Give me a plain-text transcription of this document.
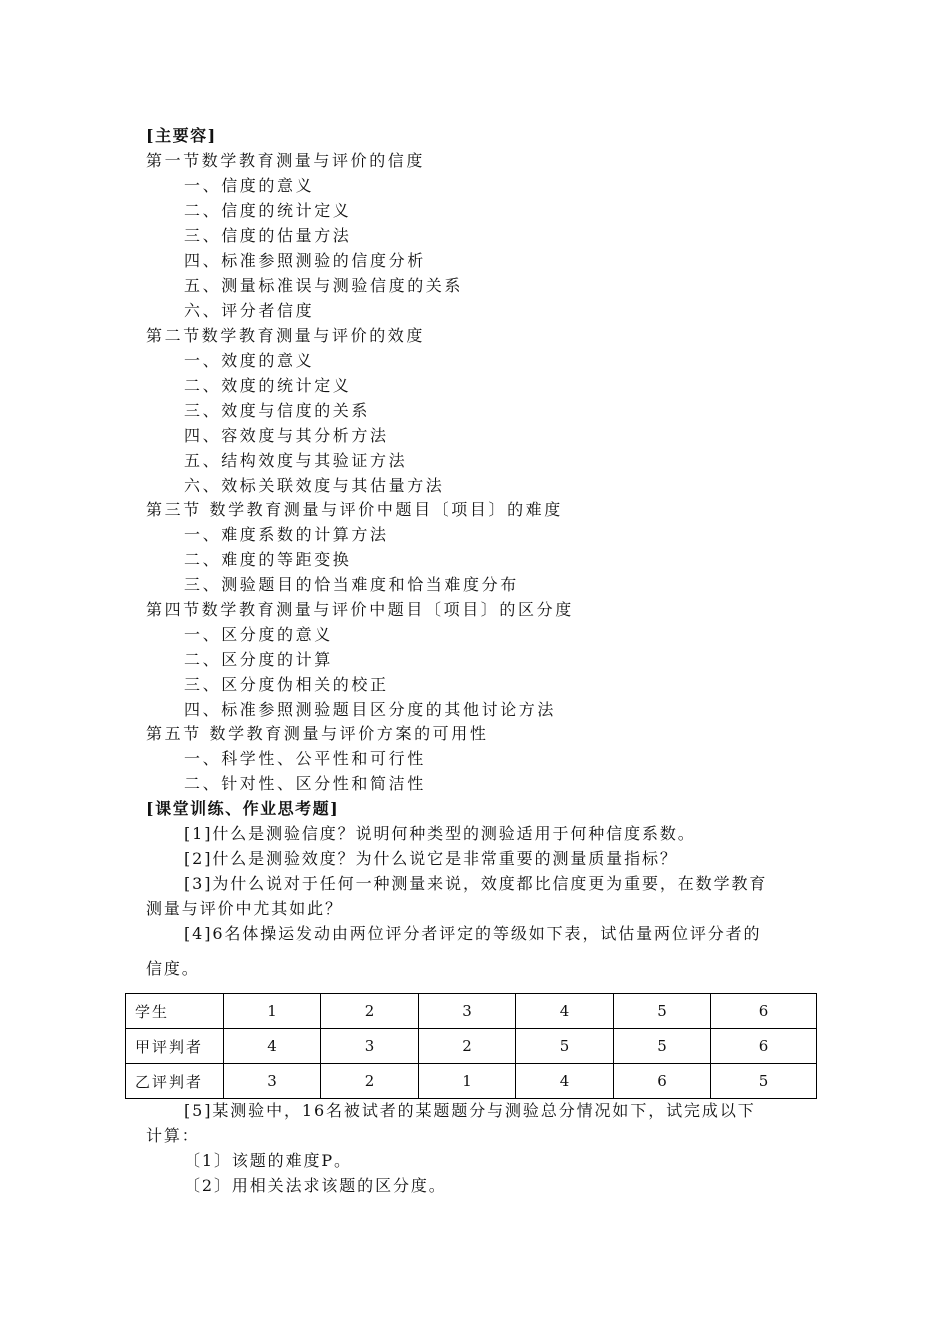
[主要容]
第一节数学教育测量与评价的信度
一、信度的意义
二、信度的统计定义
三、信度的估量方法
四、标准参照测验的信度分析
五、测量标准误与测验信度的关系
六、评分者信度
第二节数学教育测量与评价的效度
一、效度的意义
二、效度的统计定义
三、效度与信度的关系
四、容效度与其分析方法
五、结构效度与其验证方法
六、效标关联效度与其估量方法
第三节 数学教育测量与评价中题目〔项目〕的难度
一、难度系数的计算方法
二、难度的等距变换
三、测验题目的恰当难度和恰当难度分布
第四节数学教育测量与评价中题目〔项目〕的区分度
一、区分度的意义
二、区分度的计算
三、区分度伪相关的校正
四、标准参照测验题目区分度的其他讨论方法
第五节 数学教育测量与评价方案的可用性
一、科学性、公平性和可行性
二、针对性、区分性和简洁性
[课堂训练、作业思考题]
[1]什么是测验信度？说明何种类型的测验适用于何种信度系数。
[2]什么是测验效度？为什么说它是非常重要的测量质量指标？
[3]为什么说对于任何一种测量来说，效度都比信度更为重要，在数学教育
测量与评价中尤其如此？
[4]6名体操运发动由两位评分者评定的等级如下表，试估量两位评分者的
信度。
学生	1	2	3	4	5	6
甲评判者	4	3	2	5	5	6
乙评判者	3	2	1	4	6	5
[5]某测验中，16名被试者的某题题分与测验总分情况如下，试完成以下
计算：
〔1〕该题的难度P。
〔2〕用相关法求该题的区分度。
